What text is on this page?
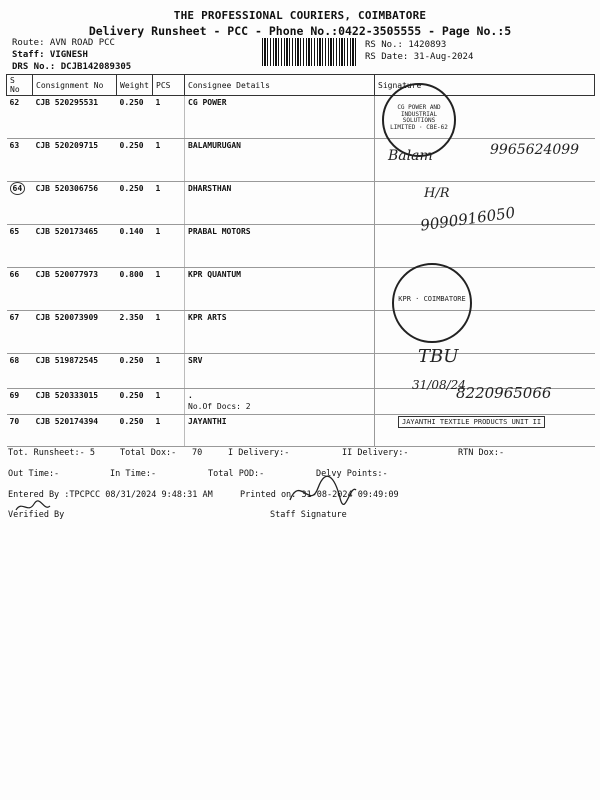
THE PROFESSIONAL COURIERS, COIMBATORE
Delivery Runsheet - PCC - Phone No.:0422-3505555 - Page No.:5
Route: AVN ROAD PCC
Staff: VIGNESH
DRS No.: DCJB142089305
RS No.: 1420893
RS Date: 31-Aug-2024
S No	Consignment No	Weight	PCS	Consignee Details	Signature
62	CJB 520295531	0.250	1	CG POWER	
63	CJB 520209715	0.250	1	BALAMURUGAN	
64	CJB 520306756	0.250	1	DHARSTHAN	
65	CJB 520173465	0.140	1	PRABAL MOTORS	
66	CJB 520077973	0.800	1	KPR QUANTUM	
67	CJB 520073909	2.350	1	KPR ARTS	
68	CJB 519872545	0.250	1	SRV	
69	CJB 520333015	0.250	1	.
No.Of Docs: 2	

70	CJB 520174394	0.250	1	JAYANTHI	
CG POWER AND INDUSTRIAL SOLUTIONS LIMITED · CBE-62
Balam	9965624099
H/R
9090916050
KPR · COIMBATORE
TBU
31/08/24
8220965066
JAYANTHI TEXTILE PRODUCTS UNIT II
Tot. Runsheet:- 5	Total Dox:- 70	I Delivery:-	II Delivery:-	RTN Dox:-
Out Time:-	In Time:-	Total POD:-	Delvy Points:-
Entered By :TPCPCC 08/31/2024 9:48:31 AM	Printed on: 31-08-2024 09:49:09
Verified By	Staff Signature
